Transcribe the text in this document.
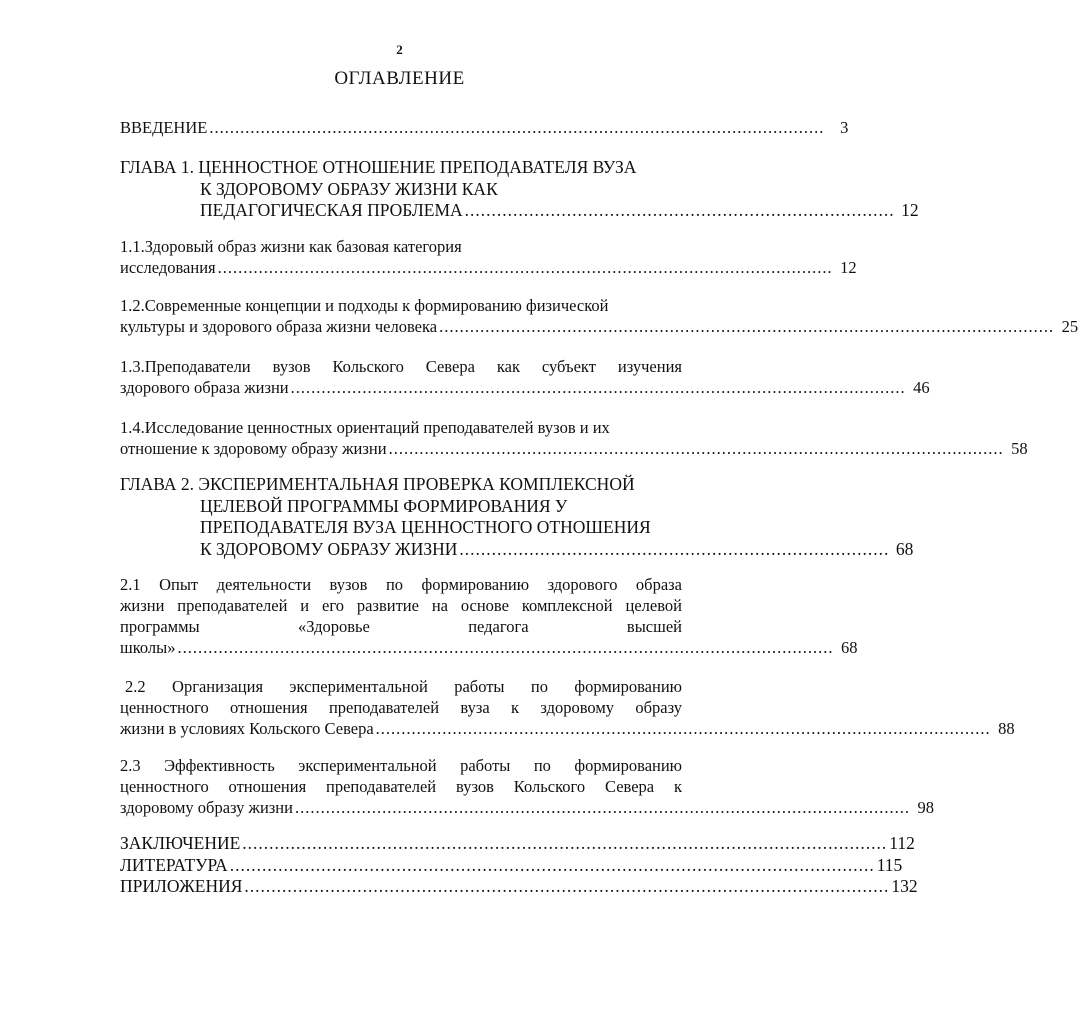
2
ОГЛАВЛЕНИЕ
ВВЕДЕНИЕ ........................................................................................................................ 3
ГЛАВА 1. ЦЕННОСТНОЕ ОТНОШЕНИЕ ПРЕПОДАВАТЕЛЯ ВУЗА
К ЗДОРОВОМУ ОБРАЗУ ЖИЗНИ КАК
ПЕДАГОГИЧЕСКАЯ ПРОБЛЕМА ................................................................................ 12
1.1.Здоровый образ жизни как базовая категория
исследования ........................................................................................................................ 12
1.2.Современные концепции и подходы к формированию физической
культуры и здорового образа жизни человека ........................................................................................................................ 25
1.3.Преподаватели вузов Кольского Севера как субъект изучения
здорового образа жизни ........................................................................................................................ 46
1.4.Исследование ценностных ориентаций преподавателей вузов и их
отношение к здоровому образу жизни ........................................................................................................................ 58
ГЛАВА 2. ЭКСПЕРИМЕНТАЛЬНАЯ ПРОВЕРКА КОМПЛЕКСНОЙ
ЦЕЛЕВОЙ ПРОГРАММЫ ФОРМИРОВАНИЯ У
ПРЕПОДАВАТЕЛЯ ВУЗА ЦЕННОСТНОГО ОТНОШЕНИЯ
К ЗДОРОВОМУ ОБРАЗУ ЖИЗНИ ................................................................................ 68
2.1 Опыт деятельности вузов по формированию здорового образа
жизни преподавателей и его развитие на основе комплексной целевой
программы «Здоровье педагога высшей
школы» ................................................................................................................................ 68
2.2 Организация экспериментальной работы по формированию
ценностного отношения преподавателей вуза к здоровому образу
жизни в условиях Кольского Севера ........................................................................................................................ 88
2.3 Эффективность экспериментальной работы по формированию
ценностного отношения преподавателей вузов Кольского Севера к
здоровому образу жизни ........................................................................................................................ 98
ЗАКЛЮЧЕНИЕ ........................................................................................................................ 112
ЛИТЕРАТУРА ........................................................................................................................ 115
ПРИЛОЖЕНИЯ ........................................................................................................................ 132
